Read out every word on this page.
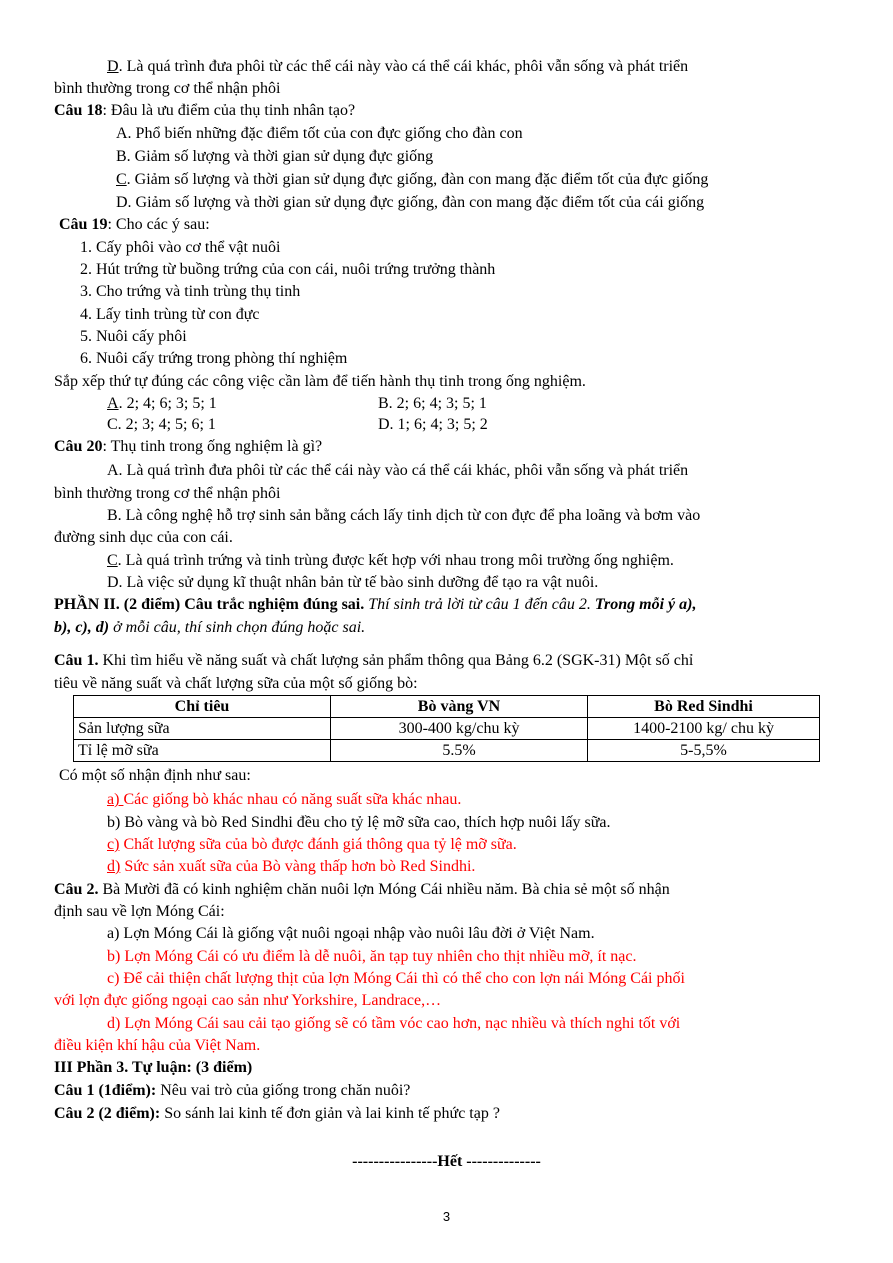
D. Là quá trình đưa phôi từ các thể cái này vào cá thể cái khác, phôi vẫn sống và phát triển
bình thường trong cơ thể nhận phôi
Câu 18: Đâu là ưu điểm của thụ tinh nhân tạo?
A. Phổ biến những đặc điểm tốt của con đực giống cho đàn con
B. Giảm số lượng và thời gian sử dụng đực giống
C. Giảm số lượng và thời gian sử dụng đực giống, đàn con mang đặc điểm tốt của đực giống
D. Giảm số lượng và thời gian sử dụng đực giống, đàn con mang đặc điểm tốt của cái giống
Câu 19: Cho các ý sau:
1. Cấy phôi vào cơ thể vật nuôi
2. Hút trứng từ buồng trứng của con cái, nuôi trứng trưởng thành
3. Cho trứng và tinh trùng thụ tinh
4. Lấy tinh trùng từ con đực
5. Nuôi cấy phôi
6. Nuôi cấy trứng trong phòng thí nghiệm
Sắp xếp thứ tự đúng các công việc cần làm để tiến hành thụ tinh trong ống nghiệm.
A. 2; 4; 6; 3; 5; 1	B. 2; 6; 4; 3; 5; 1
C. 2; 3; 4; 5; 6; 1	D. 1; 6; 4; 3; 5; 2
Câu 20: Thụ tinh trong ống nghiệm là gì?
A. Là quá trình đưa phôi từ các thể cái này vào cá thể cái khác, phôi vẫn sống và phát triển
bình thường trong cơ thể nhận phôi
B. Là công nghệ hỗ trợ sinh sản bằng cách lấy tinh dịch từ con đực để pha loãng và bơm vào
đường sinh dục của con cái.
C. Là quá trình trứng và tinh trùng được kết hợp với nhau trong môi trường ống nghiệm.
D. Là việc sử dụng kĩ thuật nhân bản từ tế bào sinh dưỡng để tạo ra vật nuôi.
PHẦN II. (2 điểm) Câu trắc nghiệm đúng sai. Thí sinh trả lời từ câu 1 đến câu 2. Trong mỗi ý a),
b), c), d) ở mỗi câu, thí sinh chọn đúng hoặc sai.
Câu 1. Khi tìm hiểu về năng suất và chất lượng sản phẩm thông qua Bảng 6.2 (SGK-31) Một số chỉ
tiêu về năng suất và chất lượng sữa của một số giống bò:
Chỉ tiêu	Bò vàng VN	Bò Red Sindhi
Sản lượng sữa	300-400 kg/chu kỳ	1400-2100 kg/ chu kỳ
Tỉ lệ mỡ sữa	5.5%	5-5,5%
Có một số nhận định như sau:
a) Các giống bò khác nhau có năng suất sữa khác nhau.
b) Bò vàng và bò Red Sindhi đều cho tỷ lệ mỡ sữa cao, thích hợp nuôi lấy sữa.
c) Chất lượng sữa của bò được đánh giá thông qua tỷ lệ mỡ sữa.
d) Sức sản xuất sữa của Bò vàng thấp hơn bò Red Sindhi.
Câu 2. Bà Mười đã có kinh nghiệm chăn nuôi lợn Móng Cái nhiều năm. Bà chia sẻ một số nhận
định sau về lợn Móng Cái:
a) Lợn Móng Cái là giống vật nuôi ngoại nhập vào nuôi lâu đời ở Việt Nam.
b) Lợn Móng Cái có ưu điểm là dễ nuôi, ăn tạp tuy nhiên cho thịt nhiều mỡ, ít nạc.
c) Để cải thiện chất lượng thịt của lợn Móng Cái thì có thể cho con lợn nái Móng Cái phối
với lợn đực giống ngoại cao sản như Yorkshire, Landrace,…
d) Lợn Móng Cái sau cải tạo giống sẽ có tầm vóc cao hơn, nạc nhiều và thích nghi tốt với
điều kiện khí hậu của Việt Nam.
III Phần 3. Tự luận: (3 điểm)
Câu 1 (1điểm): Nêu vai trò của giống trong chăn nuôi?
Câu 2 (2 điểm): So sánh lai kinh tế đơn giản và lai kinh tế phức tạp ?
----------------Hết --------------
3
